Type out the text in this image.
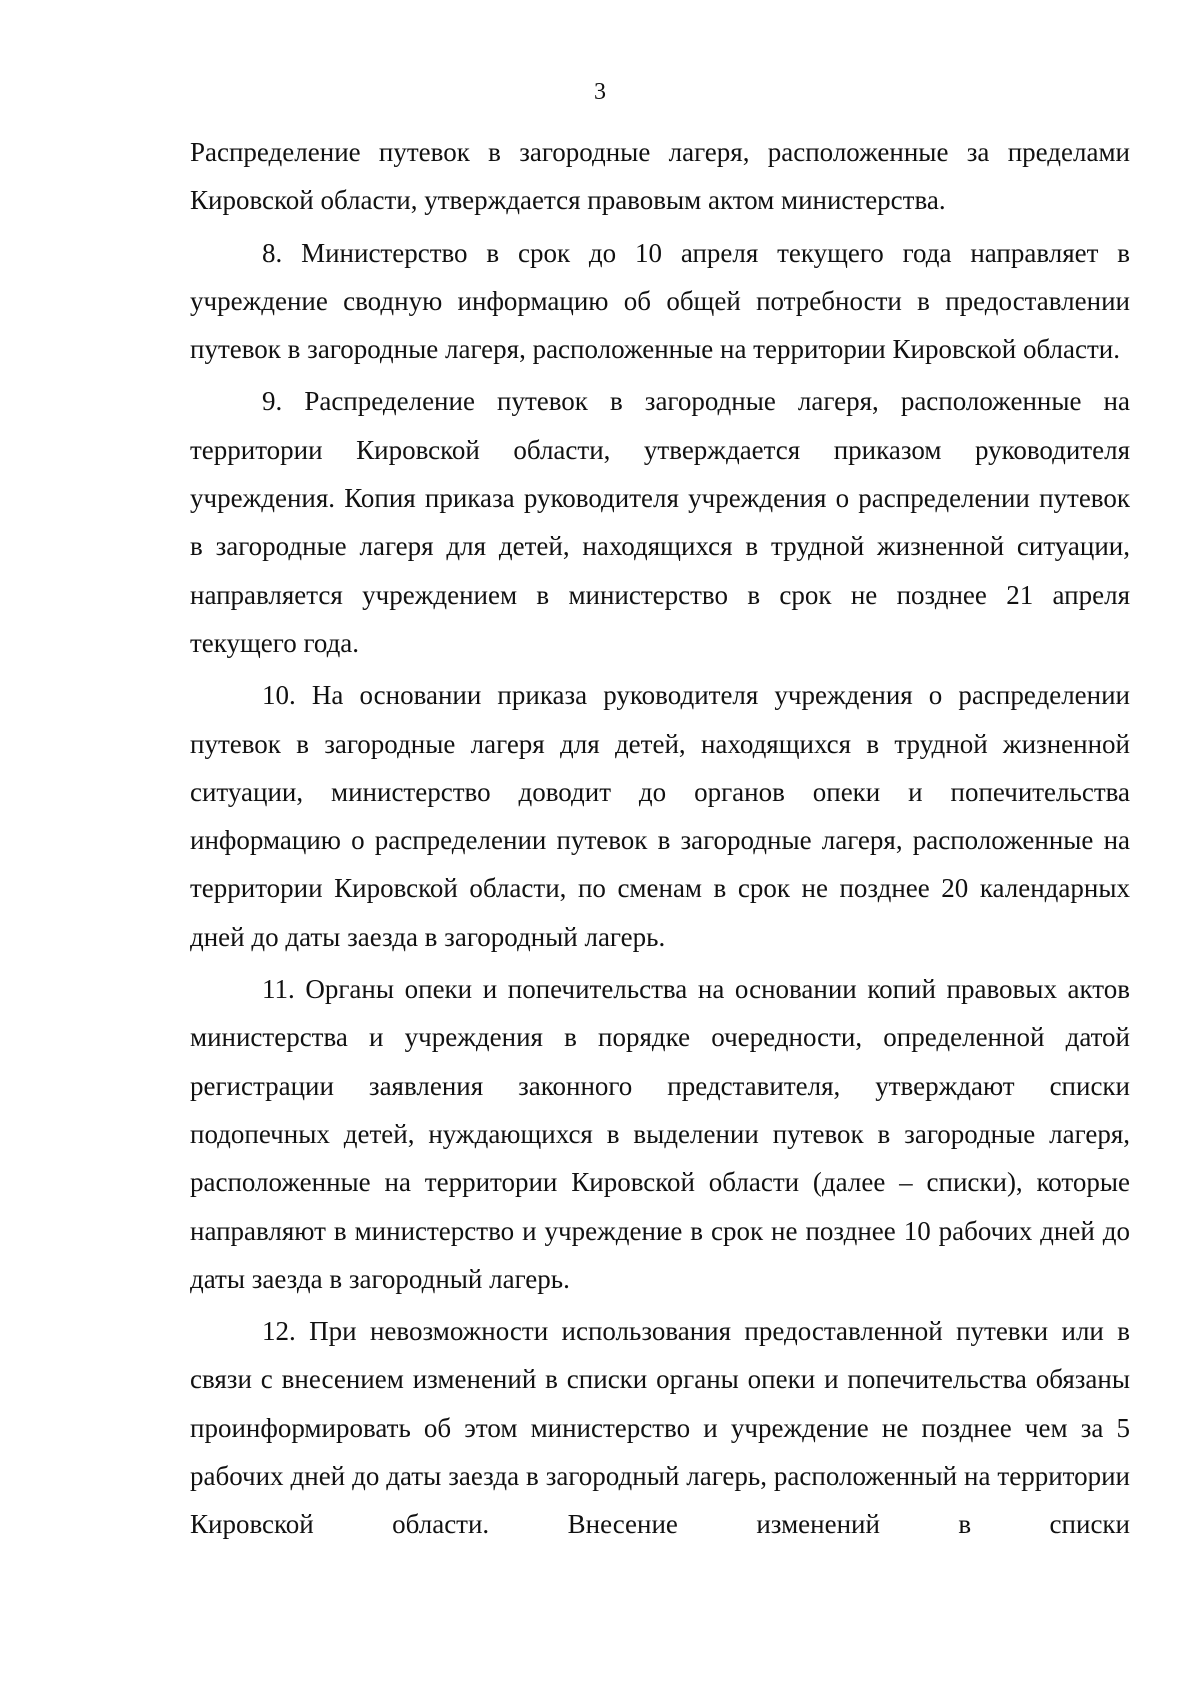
3

Распределение путевок в загородные лагеря, расположенные за пределами Кировской области, утверждается правовым актом министерства.

8. Министерство в срок до 10 апреля текущего года направляет в учреждение сводную информацию об общей потребности в предоставлении путевок в загородные лагеря, расположенные на территории Кировской области.

9. Распределение путевок в загородные лагеря, расположенные на территории Кировской области, утверждается приказом руководителя учреждения. Копия приказа руководителя учреждения о распределении путевок в загородные лагеря для детей, находящихся в трудной жизненной ситуации, направляется учреждением в министерство в срок не позднее 21 апреля текущего года.

10. На основании приказа руководителя учреждения о распределении путевок в загородные лагеря для детей, находящихся в трудной жизненной ситуации, министерство доводит до органов опеки и попечительства информацию о распределении путевок в загородные лагеря, расположенные на территории Кировской области, по сменам в срок не позднее 20 календарных дней до даты заезда в загородный лагерь.

11. Органы опеки и попечительства на основании копий правовых актов министерства и учреждения в порядке очередности, определенной датой регистрации заявления законного представителя, утверждают списки подопечных детей, нуждающихся в выделении путевок в загородные лагеря, расположенные на территории Кировской области (далее – списки), которые направляют в министерство и учреждение в срок не позднее 10 рабочих дней до даты заезда в загородный лагерь.

12. При невозможности использования предоставленной путевки или в связи с внесением изменений в списки органы опеки и попечительства обязаны проинформировать об этом министерство и учреждение не позднее чем за 5 рабочих дней до даты заезда в загородный лагерь, расположенный на территории Кировской области. Внесение изменений в списки
